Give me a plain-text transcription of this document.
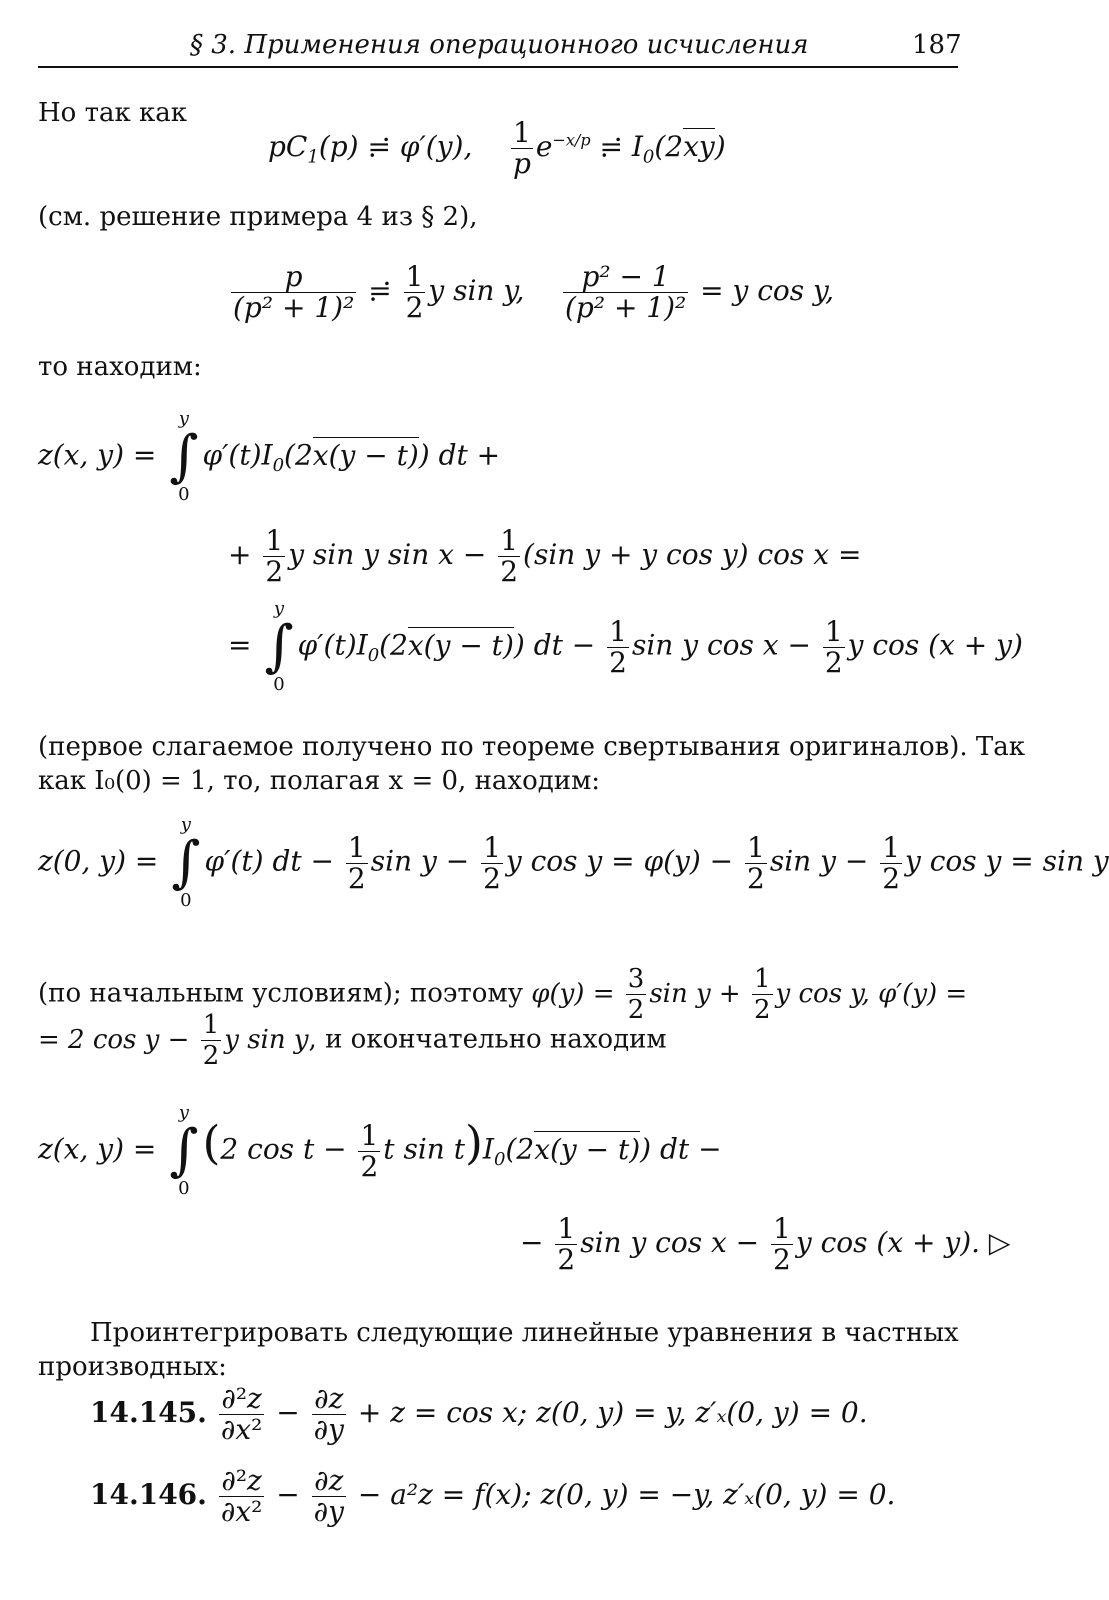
§ 3. Применения операционного исчисления	187
Но так как
$pC_1(p)$ ≓ φ′(y), $\frac{1}{p} e^{-x/p}$ ≓ $I_0(2xy)$
(см. решение примера 4 из § 2),
$\frac{p}{\text{(p² + 1)²}}$ ≓ $\frac{1}{2}$ y sin y, $\frac{\text{p² − 1}}{\text{(p² + 1)²}} = y$ cos y,
то находим:
z(x, y) =
y
∫
0
$\varphi'(t)I_0(2x(y - t))$ dt +
+ $\frac{1}{2}$ y sin y $\sin x - \frac{1}{2} (\sin$ y + y cos y) cos x =
=
y
∫
0
$\varphi'(t)I_0(2x(y - t))$ dt − $\frac{1}{2}$ sin y $\cos x - \frac{1}{2}$ y cos (x + y)
(первое слагаемое получено по теореме свертывания оригиналов). Так
как I₀(0) = 1, то, полагая x = 0, находим:
z(0, y) =
y
∫
0
φ′(t) dt − $\frac{1}{2}$ $\sin y - \frac{1}{2}$ y $\cos y = \varphi(y) - \frac{1}{2}$ $\sin y - \frac{1}{2}$ y cos y = sin y
(по начальным условиям); поэтому $\varphi(y) = \frac{3}{2}$ $\sin y + \frac{1}{2}$ y cos y, φ′(y) =
= 2 $\cos y - \frac{1}{2}$ y sin y, и окончательно находим
z(x, y) =
y
∫
0
(2 $\cos t - \frac{1}{2}$ t $\sin t)I_0(2x(y - t))$ dt −
− $\frac{1}{2}$ sin y $\cos x - \frac{1}{2}$ y cos (x + y). ▷
Проинтегрировать следующие линейные уравнения в частных
производных:
14.145. $\frac{\text{∂²z}}{\text{∂x²}} - \frac{\partial z}{\partial y} + z = \cos x$; z(0, y) = y, z′ₓ(0, y) = 0.
14.146. $\frac{\text{∂²z}}{\text{∂x²}} - \frac{\partial z}{\partial y} - a^2z = f(x)$; z(0, y) = −y, z′ₓ(0, y) = 0.
